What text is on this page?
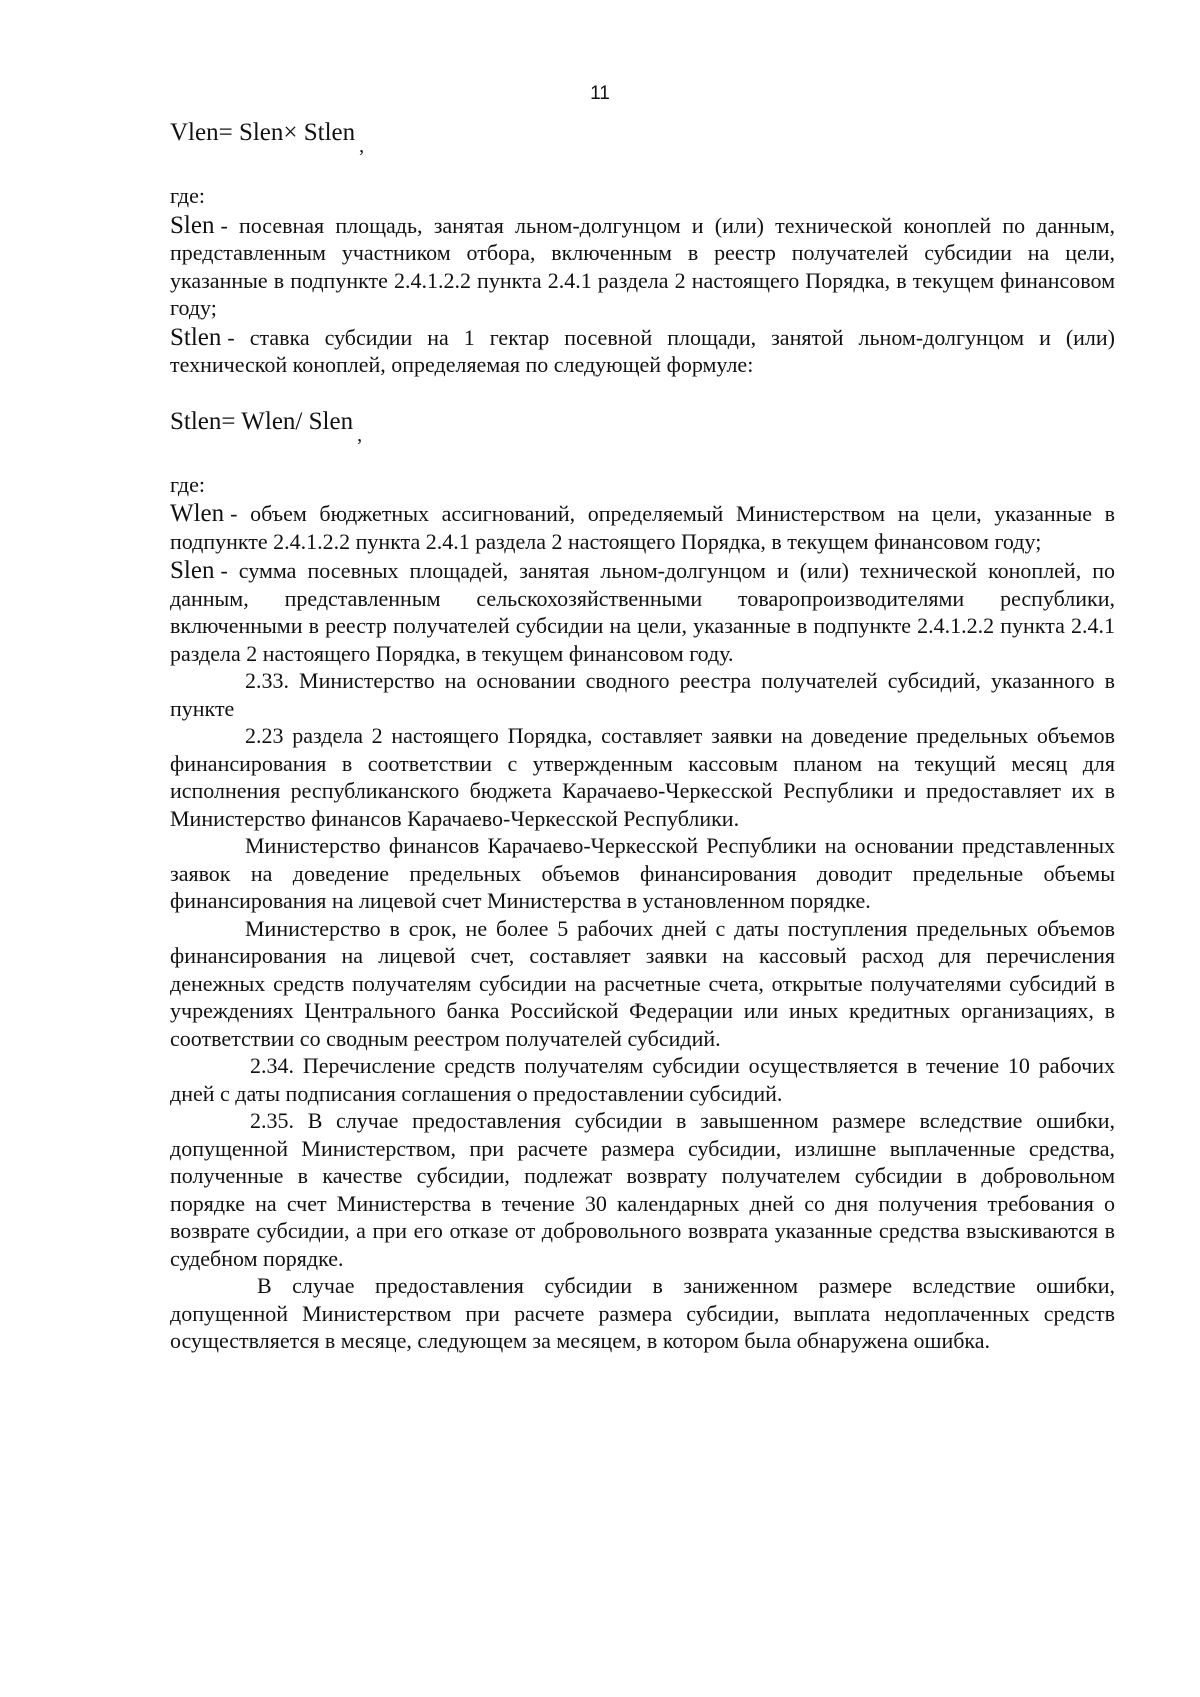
11
Vlen= Slen× Stlen $_,$
где:

Slen - посевная площадь, занятая льном-долгунцом и (или) технической коноплей по данным, представленным участником отбора, включенным в реестр получателей субсидии на цели, указанные в подпункте 2.4.1.2.2 пункта 2.4.1 раздела 2 настоящего Порядка, в текущем финансовом году;

Stlen - ставка субсидии на 1 гектар посевной площади, занятой льном-долгунцом и (или) технической коноплей, определяемая по следующей формуле:

Stlen= Wlen/ Slen $_,$
где:

Wlen - объем бюджетных ассигнований, определяемый Министерством на цели, указанные в подпункте 2.4.1.2.2 пункта 2.4.1 раздела 2 настоящего Порядка, в текущем финансовом году;

Slen - сумма посевных площадей, занятая льном-долгунцом и (или) технической коноплей, по данным, представленным сельскохозяйственными товаропроизводителями республики, включенными в реестр получателей субсидии на цели, указанные в подпункте 2.4.1.2.2 пункта 2.4.1 раздела 2 настоящего Порядка, в текущем финансовом году.

2.33. Министерство на основании сводного реестра получателей субсидий, указанного в пункте

2.23 раздела 2 настоящего Порядка, составляет заявки на доведение предельных объемов финансирования в соответствии с утвержденным кассовым планом на текущий месяц для исполнения республиканского бюджета Карачаево-Черкесской Республики и предоставляет их в Министерство финансов Карачаево-Черкесской Республики.

Министерство финансов Карачаево-Черкесской Республики на основании представленных заявок на доведение предельных объемов финансирования доводит предельные объемы финансирования на лицевой счет Министерства в установленном порядке.

Министерство в срок, не более 5 рабочих дней с даты поступления предельных объемов финансирования на лицевой счет, составляет заявки на кассовый расход для перечисления денежных средств получателям субсидии на расчетные счета, открытые получателями субсидий в учреждениях Центрального банка Российской Федерации или иных кредитных организациях, в соответствии со сводным реестром получателей субсидий.

2.34. Перечисление средств получателям субсидии осуществляется в течение 10 рабочих дней с даты подписания соглашения о предоставлении субсидий.

2.35. В случае предоставления субсидии в завышенном размере вследствие ошибки, допущенной Министерством, при расчете размера субсидии, излишне выплаченные средства, полученные в качестве субсидии, подлежат возврату получателем субсидии в добровольном порядке на счет Министерства в течение 30 календарных дней со дня получения требования о возврате субсидии, а при его отказе от добровольного возврата указанные средства взыскиваются в судебном порядке.

В случае предоставления субсидии в заниженном размере вследствие ошибки, допущенной Министерством при расчете размера субсидии, выплата недоплаченных средств осуществляется в месяце, следующем за месяцем, в котором была обнаружена ошибка.
